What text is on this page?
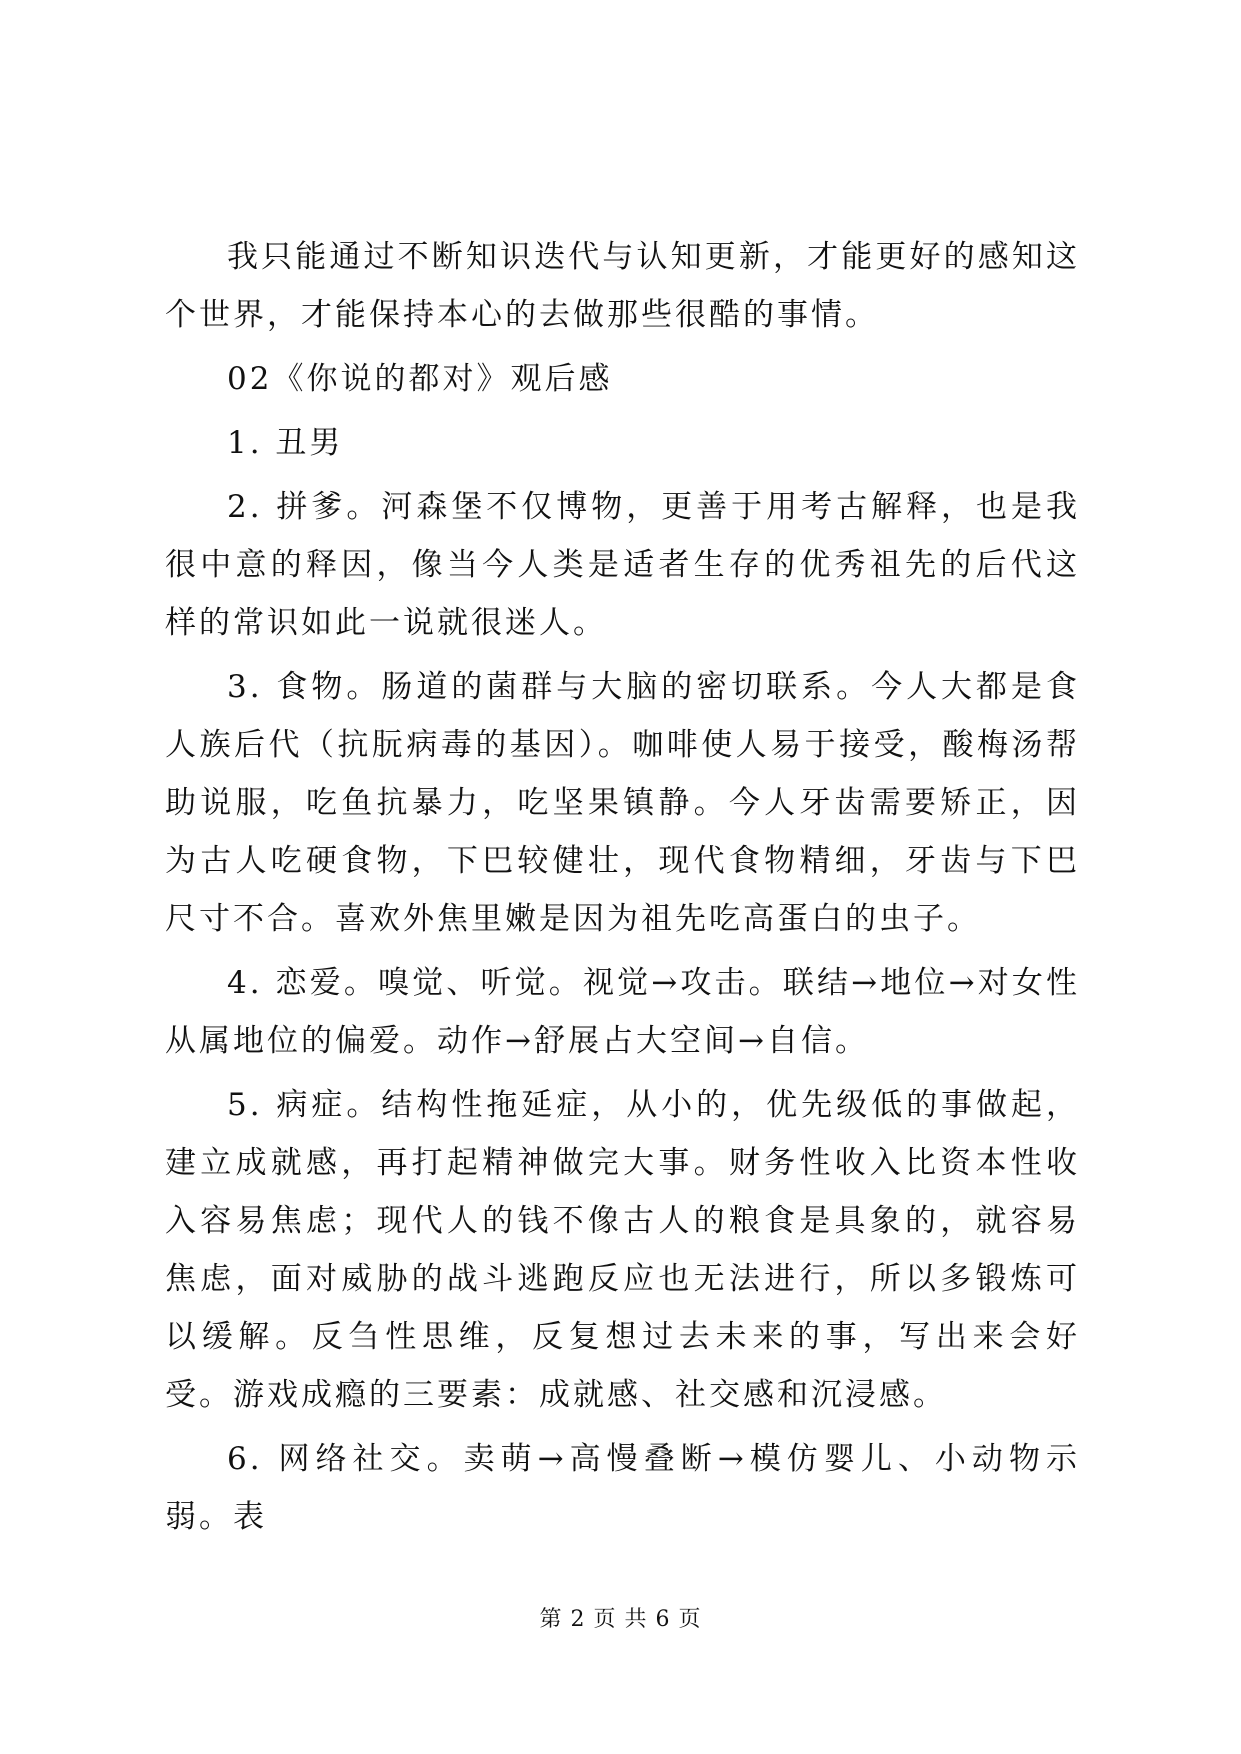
我只能通过不断知识迭代与认知更新，才能更好的感知这个世界，才能保持本心的去做那些很酷的事情。

02《你说的都对》观后感

1. 丑男

2. 拼爹。河森堡不仅博物，更善于用考古解释，也是我很中意的释因，像当今人类是适者生存的优秀祖先的后代这样的常识如此一说就很迷人。

3. 食物。肠道的菌群与大脑的密切联系。今人大都是食人族后代（抗朊病毒的基因）。咖啡使人易于接受，酸梅汤帮助说服，吃鱼抗暴力，吃坚果镇静。今人牙齿需要矫正，因为古人吃硬食物，下巴较健壮，现代食物精细，牙齿与下巴尺寸不合。喜欢外焦里嫩是因为祖先吃高蛋白的虫子。

4. 恋爱。嗅觉、听觉。视觉→攻击。联结→地位→对女性从属地位的偏爱。动作→舒展占大空间→自信。

5. 病症。结构性拖延症，从小的，优先级低的事做起，建立成就感，再打起精神做完大事。财务性收入比资本性收入容易焦虑；现代人的钱不像古人的粮食是具象的，就容易焦虑，面对威胁的战斗逃跑反应也无法进行，所以多锻炼可以缓解。反刍性思维，反复想过去未来的事，写出来会好受。游戏成瘾的三要素：成就感、社交感和沉浸感。

6. 网络社交。卖萌→高慢叠断→模仿婴儿、小动物示弱。表

第 2 页 共 6 页
